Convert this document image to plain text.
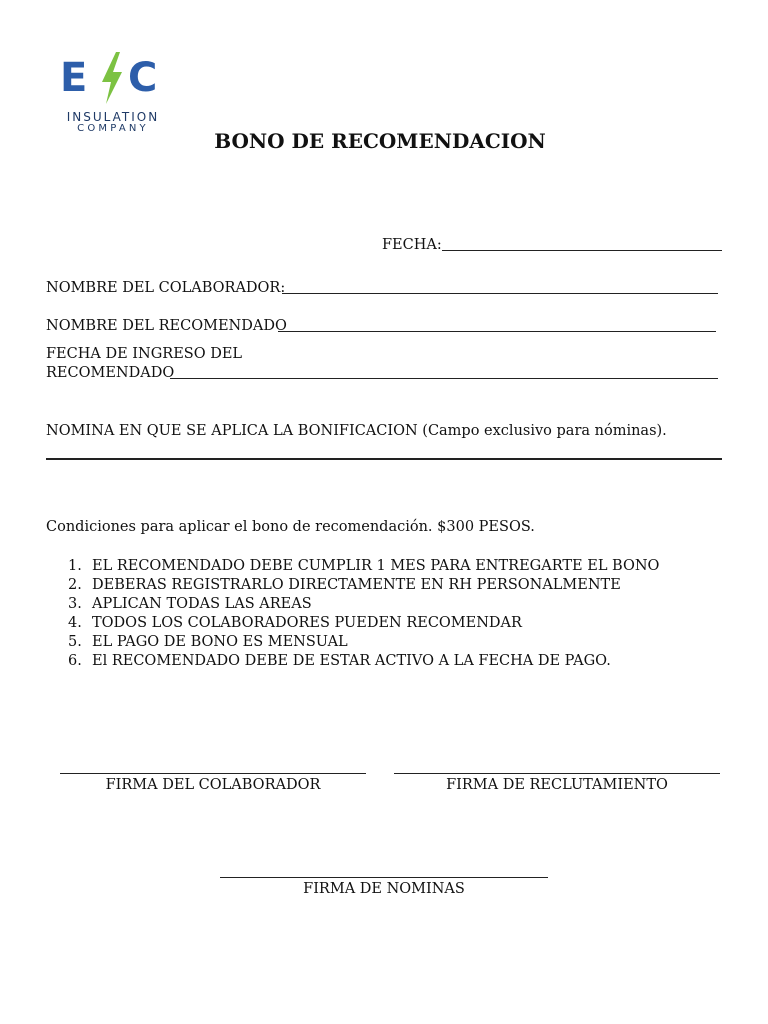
E C
INSULATION
COMPANY
BONO DE RECOMENDACION
FECHA:
NOMBRE DEL COLABORADOR:
NOMBRE DEL RECOMENDADO
FECHA DE INGRESO DEL
RECOMENDADO
NOMINA EN QUE SE APLICA LA BONIFICACION (Campo exclusivo para nóminas).
Condiciones para aplicar el bono de recomendación. $300 PESOS.
1. EL RECOMENDADO DEBE CUMPLIR 1 MES PARA ENTREGARTE EL BONO
2. DEBERAS REGISTRARLO DIRECTAMENTE EN RH PERSONALMENTE
3. APLICAN TODAS LAS AREAS
4. TODOS LOS COLABORADORES PUEDEN RECOMENDAR
5. EL PAGO DE BONO ES MENSUAL
6. El RECOMENDADO DEBE DE ESTAR ACTIVO A LA FECHA DE PAGO.
FIRMA DEL COLABORADOR	FIRMA DE RECLUTAMIENTO
FIRMA DE NOMINAS
